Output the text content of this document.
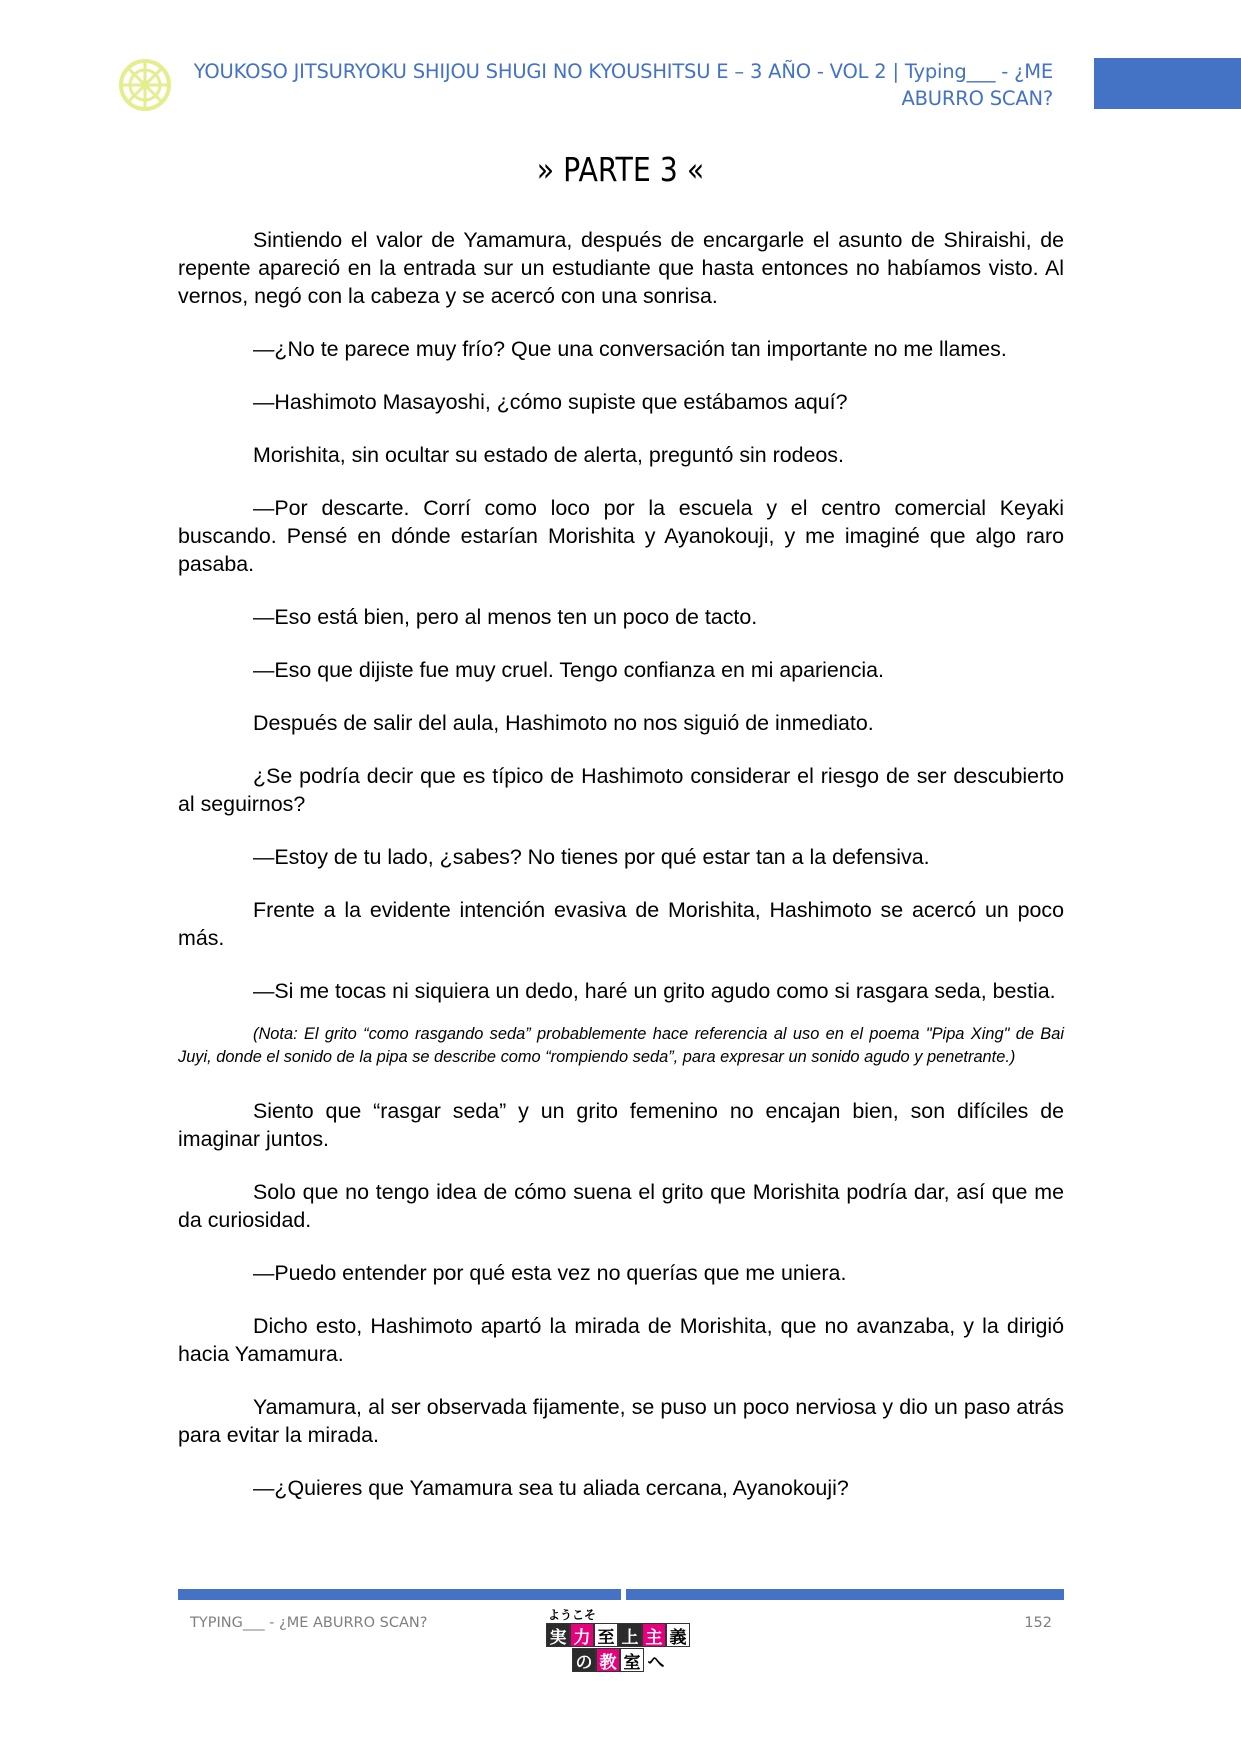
YOUKOSO JITSURYOKU SHIJOU SHUGI NO KYOUSHITSU E – 3 AÑO - VOL 2 | Typing___ - ¿ME
ABURRO SCAN?
» PARTE 3 «

Sintiendo el valor de Yamamura, después de encargarle el asunto de Shiraishi, de repente apareció en la entrada sur un estudiante que hasta entonces no habíamos visto. Al vernos, negó con la cabeza y se acercó con una sonrisa.

—¿No te parece muy frío? Que una conversación tan importante no me llames.

—Hashimoto Masayoshi, ¿cómo supiste que estábamos aquí?

Morishita, sin ocultar su estado de alerta, preguntó sin rodeos.

—Por descarte. Corrí como loco por la escuela y el centro comercial Keyaki buscando. Pensé en dónde estarían Morishita y Ayanokouji, y me imaginé que algo raro pasaba.

—Eso está bien, pero al menos ten un poco de tacto.

—Eso que dijiste fue muy cruel. Tengo confianza en mi apariencia.

Después de salir del aula, Hashimoto no nos siguió de inmediato.

¿Se podría decir que es típico de Hashimoto considerar el riesgo de ser descubierto al seguirnos?

—Estoy de tu lado, ¿sabes? No tienes por qué estar tan a la defensiva.

Frente a la evidente intención evasiva de Morishita, Hashimoto se acercó un poco más.

—Si me tocas ni siquiera un dedo, haré un grito agudo como si rasgara seda, bestia.

(Nota: El grito “como rasgando seda” probablemente hace referencia al uso en el poema "Pipa Xing" de Bai Juyi, donde el sonido de la pipa se describe como “rompiendo seda”, para expresar un sonido agudo y penetrante.)

Siento que “rasgar seda” y un grito femenino no encajan bien, son difíciles de imaginar juntos.

Solo que no tengo idea de cómo suena el grito que Morishita podría dar, así que me da curiosidad.

—Puedo entender por qué esta vez no querías que me uniera.

Dicho esto, Hashimoto apartó la mirada de Morishita, que no avanzaba, y la dirigió hacia Yamamura.

Yamamura, al ser observada fijamente, se puso un poco nerviosa y dio un paso atrás para evitar la mirada.

—¿Quieres que Yamamura sea tu aliada cercana, Ayanokouji?

TYPING___ - ¿ME ABURRO SCAN?	152
ようこそ
実 力 至 上 主 義
の 教 室 へ
